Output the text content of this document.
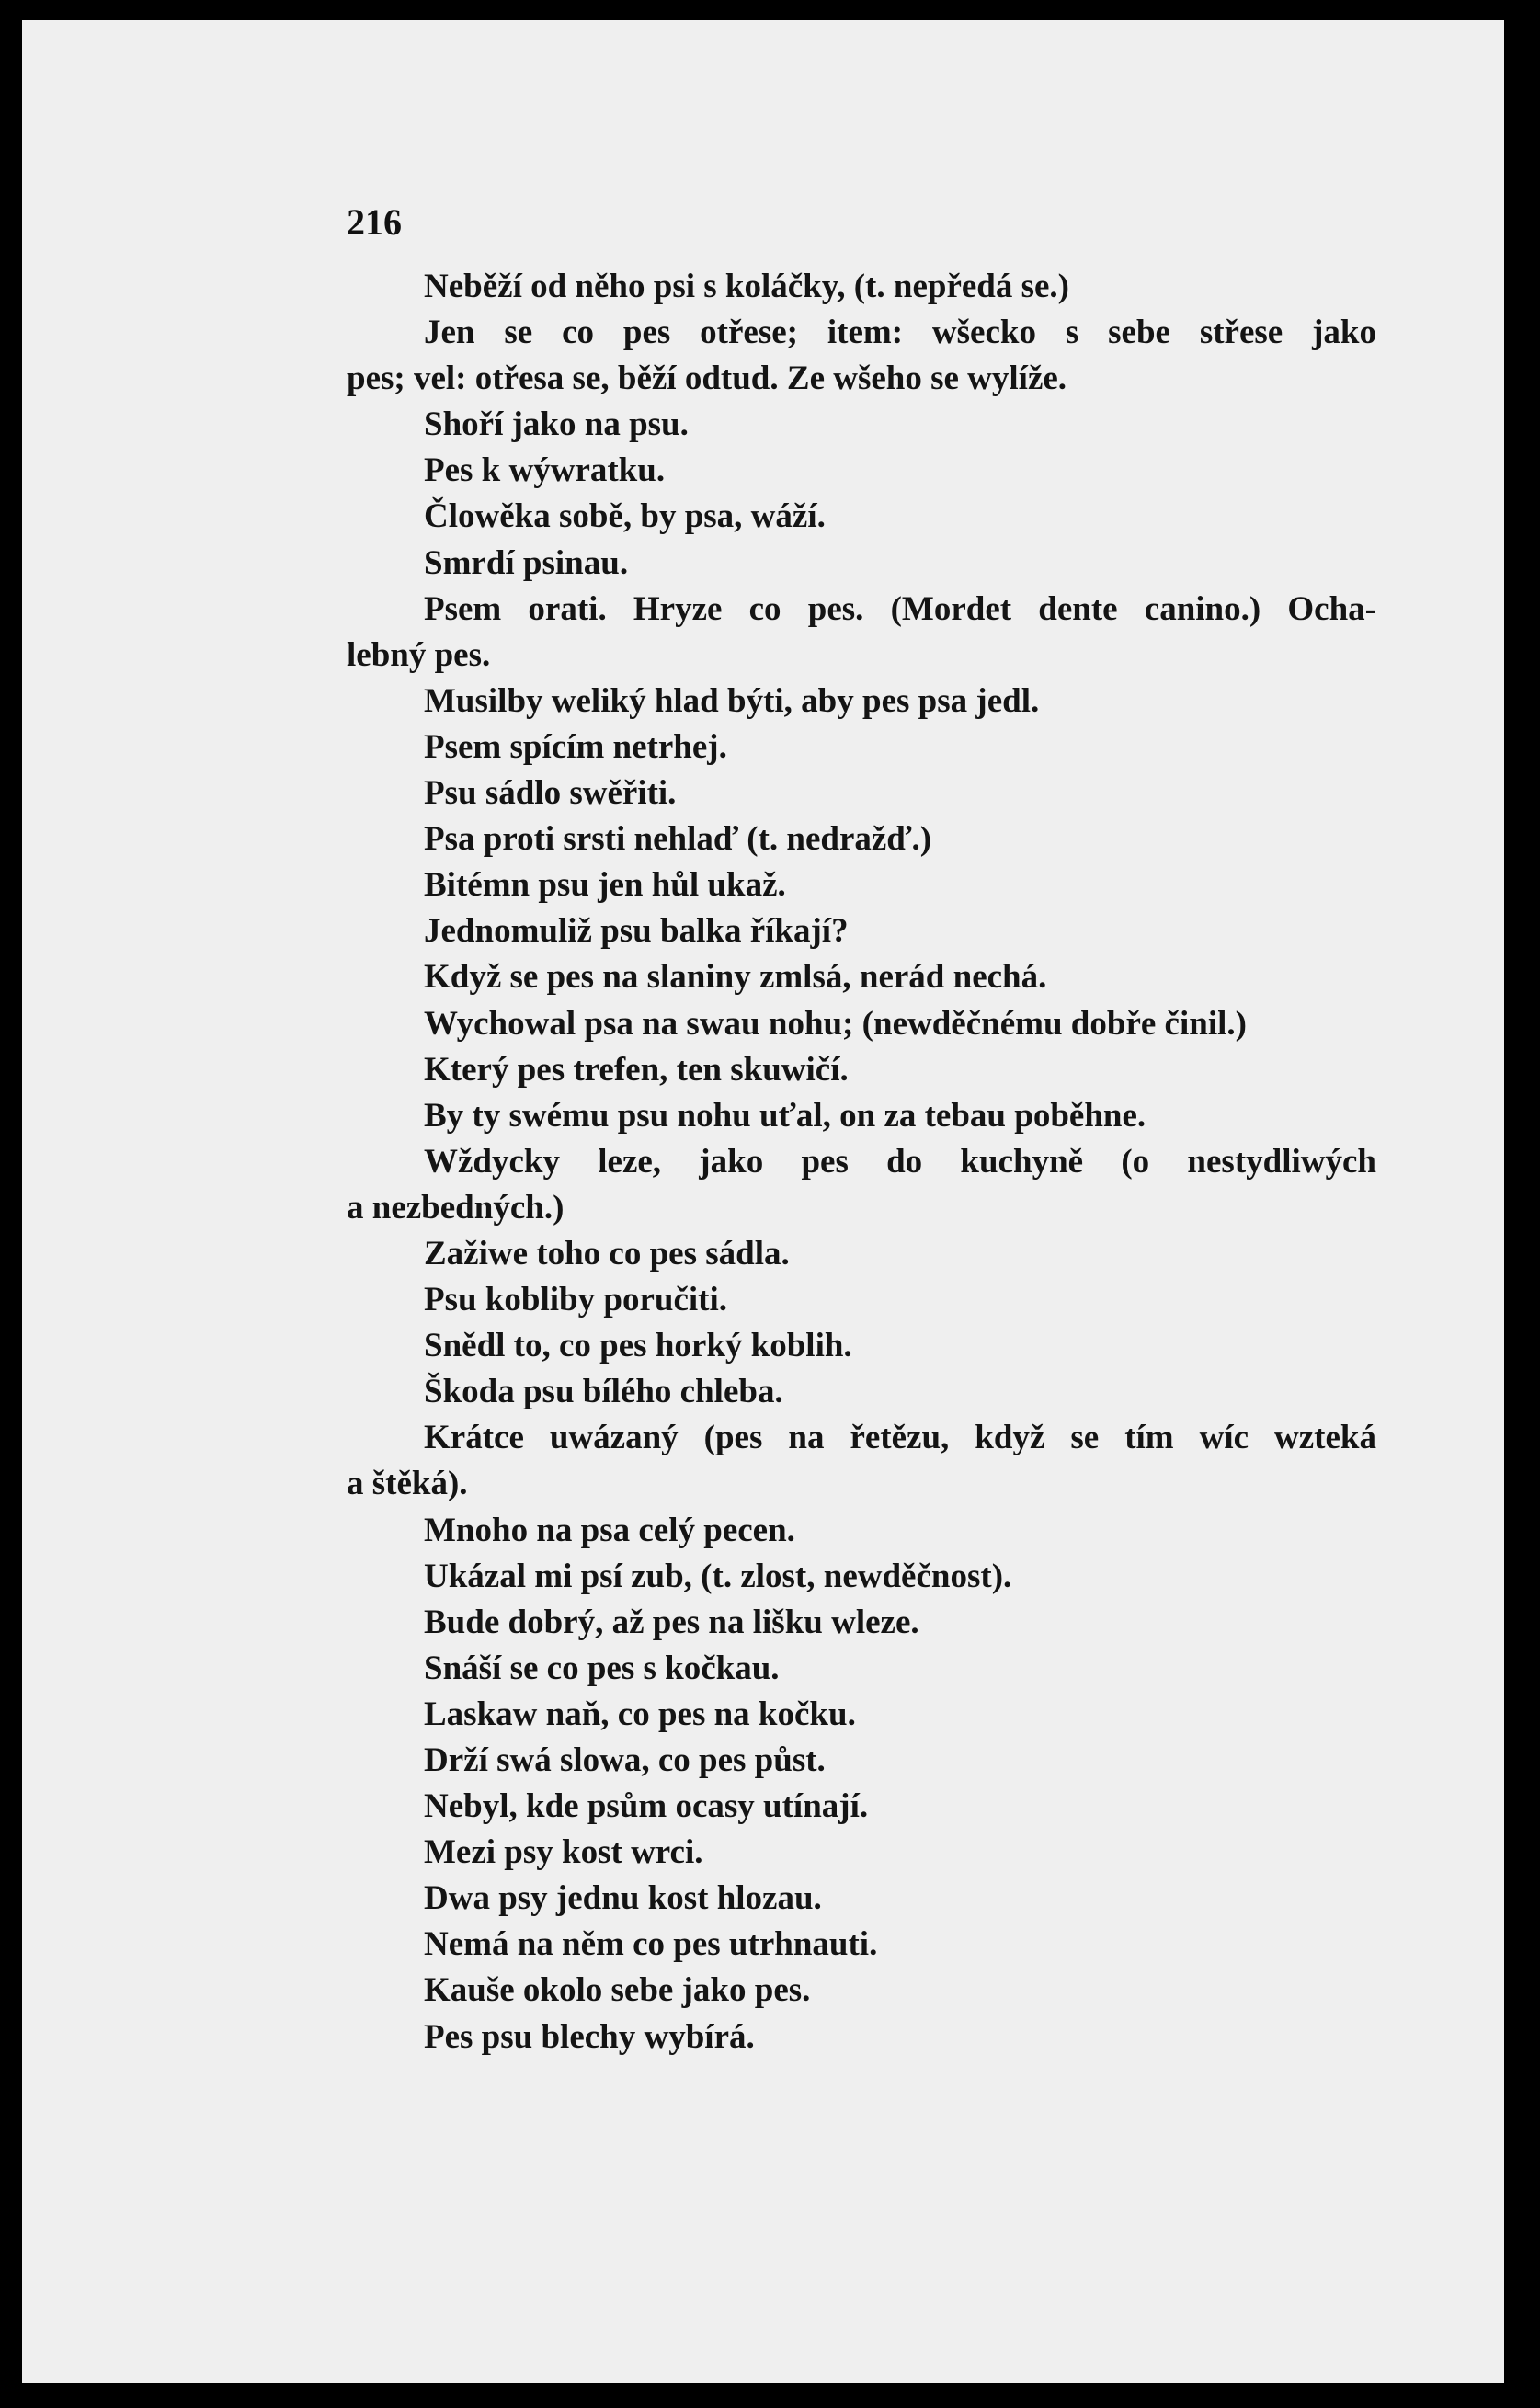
216
Neběží od něho psi s koláčky, (t. nepředá se.)
Jen se co pes otřese; item: wšecko s sebe střese jako
pes; vel: otřesa se, běží odtud. Ze wšeho se wylíže.
Shoří jako na psu.
Pes k wýwratku.
Člowěka sobě, by psa, wáží.
Smrdí psinau.
Psem orati. Hryze co pes. (Mordet dente canino.) Ocha-
lebný pes.
Musilby weliký hlad býti, aby pes psa jedl.
Psem spícím netrhej.
Psu sádlo swěřiti.
Psa proti srsti nehlaď (t. nedražď.)
Bitémn psu jen hůl ukaž.
Jednomuliž psu balka říkají?
Když se pes na slaniny zmlsá, nerád nechá.
Wychowal psa na swau nohu; (newděčnému dobře činil.)
Který pes trefen, ten skuwičí.
By ty swému psu nohu uťal, on za tebau poběhne.
Wždycky leze, jako pes do kuchyně (o nestydliwých
a nezbedných.)
Zažiwe toho co pes sádla.
Psu kobliby poručiti.
Snědl to, co pes horký koblih.
Škoda psu bílého chleba.
Krátce uwázaný (pes na řetězu, když se tím wíc wzteká
a štěká).
Mnoho na psa celý pecen.
Ukázal mi psí zub, (t. zlost, newděčnost).
Bude dobrý, až pes na lišku wleze.
Snáší se co pes s kočkau.
Laskaw naň, co pes na kočku.
Drží swá slowa, co pes půst.
Nebyl, kde psům ocasy utínají.
Mezi psy kost wrci.
Dwa psy jednu kost hlozau.
Nemá na něm co pes utrhnauti.
Kauše okolo sebe jako pes.
Pes psu blechy wybírá.
